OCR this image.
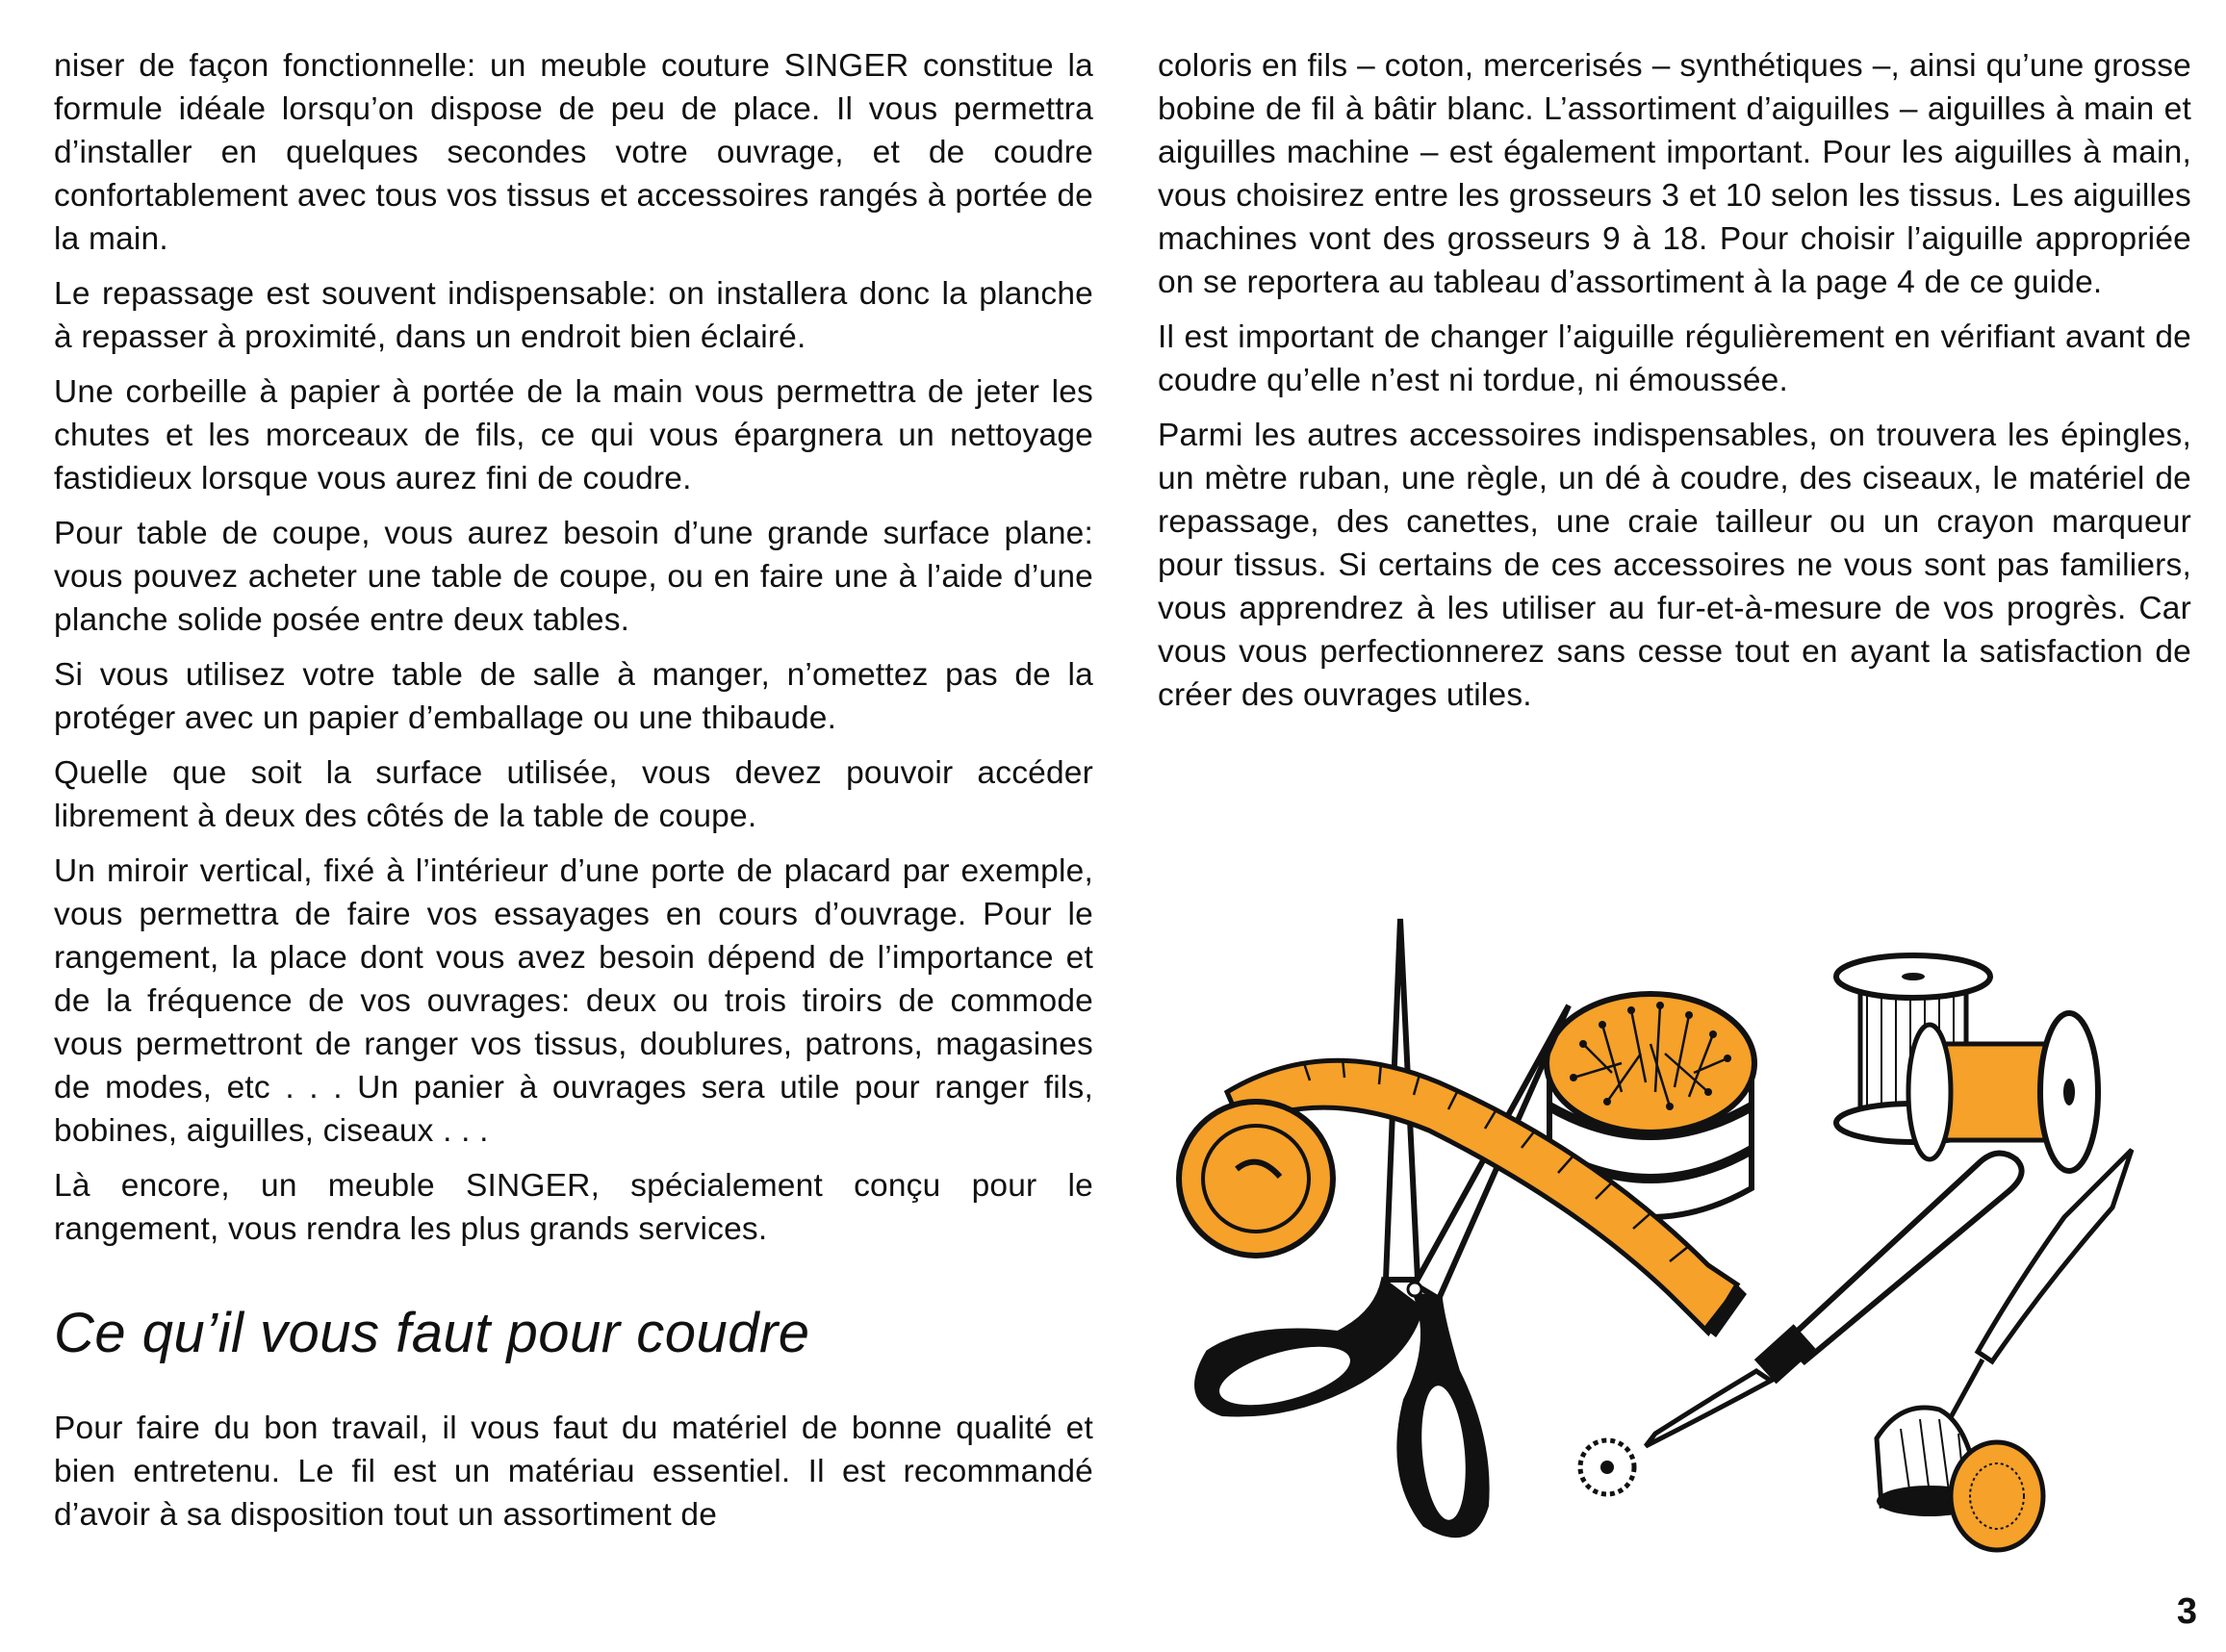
niser de façon fonctionnelle: un meuble couture SINGER constitue la formule idéale lorsqu’on dispose de peu de place. Il vous permettra d’installer en quelques secondes votre ouvrage, et de coudre confortablement avec tous vos tissus et accessoires rangés à portée de la main.

Le repassage est souvent indispensable: on installera donc la planche à repasser à proximité, dans un endroit bien éclairé.

Une corbeille à papier à portée de la main vous permettra de jeter les chutes et les morceaux de fils, ce qui vous épargnera un nettoyage fastidieux lorsque vous aurez fini de coudre.

Pour table de coupe, vous aurez besoin d’une grande surface plane: vous pouvez acheter une table de coupe, ou en faire une à l’aide d’une planche solide posée entre deux tables.

Si vous utilisez votre table de salle à manger, n’omettez pas de la protéger avec un papier d’emballage ou une thibaude.

Quelle que soit la surface utilisée, vous devez pouvoir accéder librement à deux des côtés de la table de coupe.

Un miroir vertical, fixé à l’intérieur d’une porte de placard par exemple, vous permettra de faire vos essayages en cours d’ouvrage. Pour le rangement, la place dont vous avez besoin dépend de l’importance et de la fréquence de vos ouvrages: deux ou trois tiroirs de commode vous permettront de ranger vos tissus, doublures, patrons, magasines de modes, etc . . . Un panier à ouvrages sera utile pour ranger fils, bobines, aiguilles, ciseaux . . .

Là encore, un meuble SINGER, spécialement conçu pour le rangement, vous rendra les plus grands services.

Ce qu’il vous faut pour coudre

Pour faire du bon travail, il vous faut du matériel de bonne qualité et bien entretenu. Le fil est un matériau essentiel. Il est recommandé d’avoir à sa disposition tout un assortiment de

coloris en fils – coton, mercerisés – synthétiques –, ainsi qu’une grosse bobine de fil à bâtir blanc. L’assortiment d’aiguilles – aiguilles à main et aiguilles machine – est également important. Pour les aiguilles à main, vous choisirez entre les grosseurs 3 et 10 selon les tissus. Les aiguilles machines vont des grosseurs 9 à 18. Pour choisir l’aiguille appropriée on se reportera au tableau d’assortiment à la page 4 de ce guide.

Il est important de changer l’aiguille régulièrement en vérifiant avant de coudre qu’elle n’est ni tordue, ni émoussée.

Parmi les autres accessoires indispensables, on trouvera les épingles, un mètre ruban, une règle, un dé à coudre, des ciseaux, le matériel de repassage, des canettes, une craie tailleur ou un crayon marqueur pour tissus. Si certains de ces accessoires ne vous sont pas familiers, vous apprendrez à les utiliser au fur-et-à-mesure de vos progrès. Car vous vous perfectionnerez sans cesse tout en ayant la satisfaction de créer des ouvrages utiles.

3
